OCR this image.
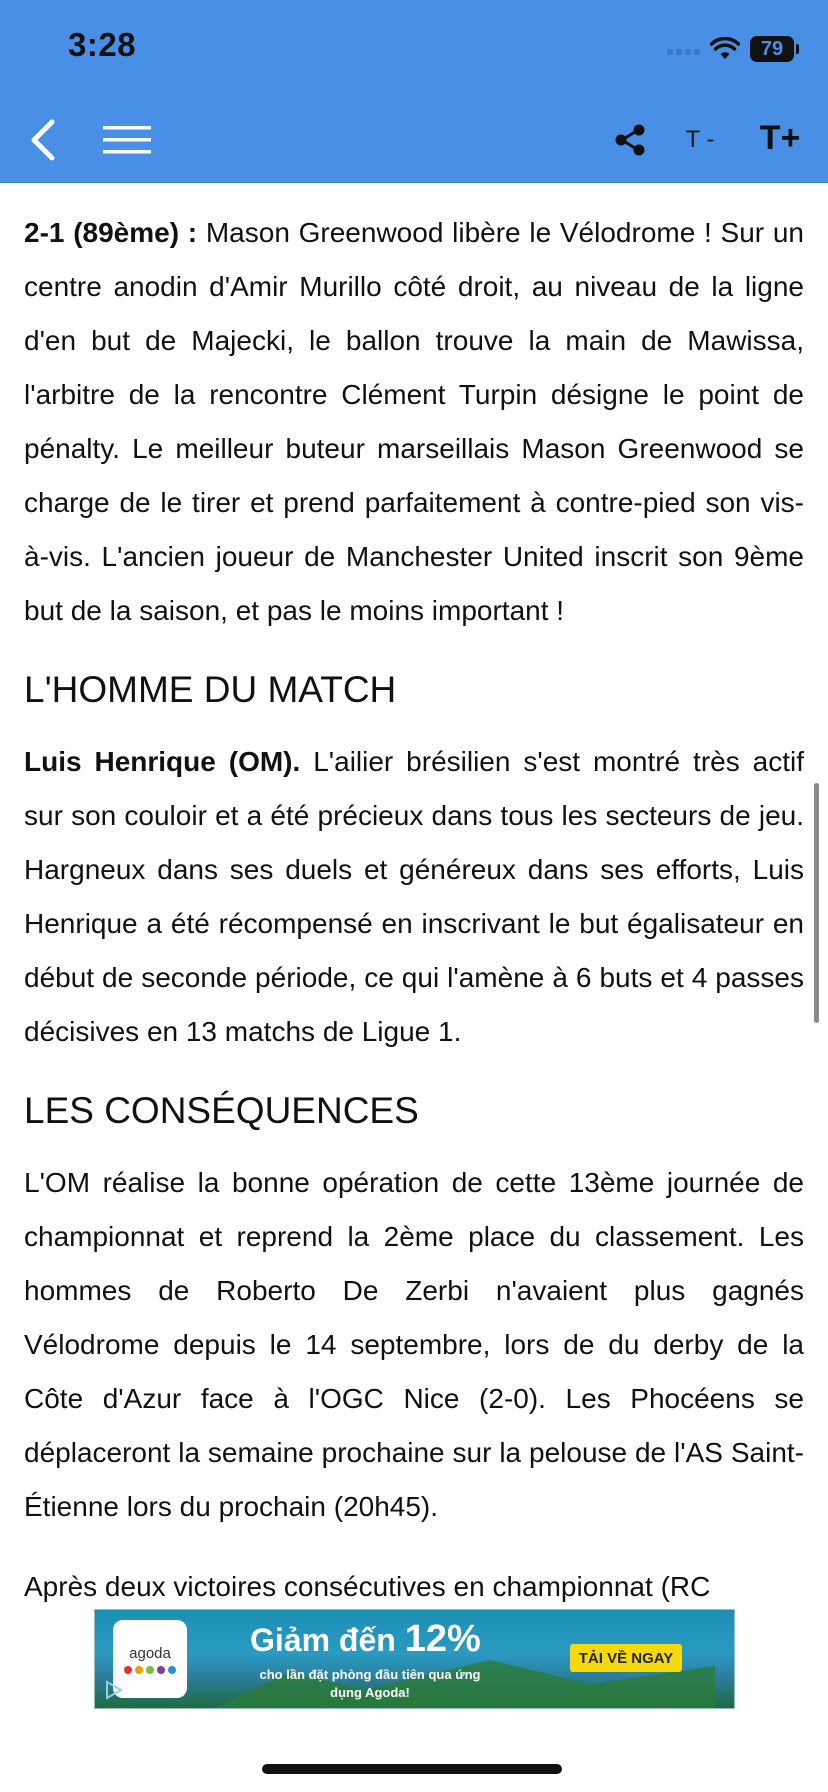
3:28	79
T - T+

2-1 (89ème) : Mason Greenwood libère le Vélodrome ! Sur un centre anodin d'Amir Murillo côté droit, au niveau de la ligne d'en but de Majecki, le ballon trouve la main de Mawissa, l'arbitre de la rencontre Clément Turpin désigne le point de pénalty. Le meilleur buteur marseillais Mason Greenwood se charge de le tirer et prend parfaitement à contre-pied son vis-à-vis. L'ancien joueur de Manchester United inscrit son 9ème but de la saison, et pas le moins important !

L'HOMME DU MATCH

Luis Henrique (OM). L'ailier brésilien s'est montré très actif sur son couloir et a été précieux dans tous les secteurs de jeu. Hargneux dans ses duels et généreux dans ses efforts, Luis Henrique a été récompensé en inscrivant le but égalisateur en début de seconde période, ce qui l'amène à 6 buts et 4 passes décisives en 13 matchs de Ligue 1.

LES CONSÉQUENCES

L'OM réalise la bonne opération de cette 13ème journée de championnat et reprend la 2ème place du classement. Les hommes de Roberto De Zerbi n'avaient plus gagnés Vélodrome depuis le 14 septembre, lors de du derby de la Côte d'Azur face à l'OGC Nice (2-0). Les Phocéens se déplaceront la semaine prochaine sur la pelouse de l'AS Saint-Étienne lors du prochain (20h45).

Après deux victoires consécutives en championnat (RC

agoda Giảm đến 12%
cho lần đặt phòng đầu tiên qua ứng dụng Agoda!
TẢI VỀ NGAY
